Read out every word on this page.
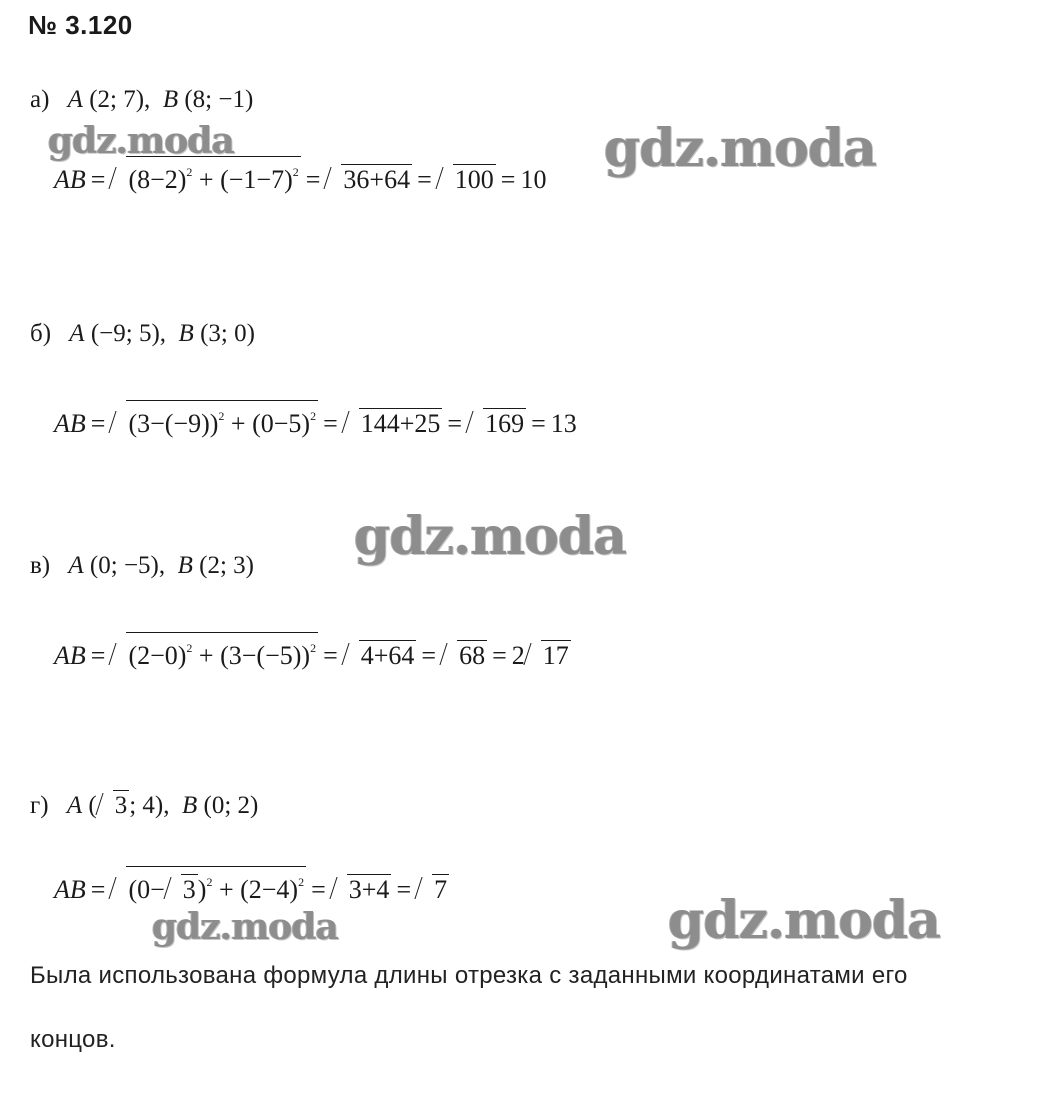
№ 3.120
а) A (2; 7), B (8; −1)
gdz.moda
AB = $(8-2)^2 + (-1-7)^2 = 36+64 = 100 = 10$
gdz.moda
б) A (−9; 5), B (3; 0)
AB = $(3-(-9))^2 + (0-5)^2 = 144+25 = 169 = 13$
gdz.moda
в) A (0; −5), B (2; 3)
AB = $(2-0)^2 + (3-(-5))^2 = 4+64 = 68 = 2$ 17
г) A ( 3 ; 4), B (0; 2)
AB = $(0- 3)^2 + (2-4)^2 = 3+4 = 7$
gdz.moda	gdz.moda
Была использована формула длины отрезка с заданными координатами его
концов.
